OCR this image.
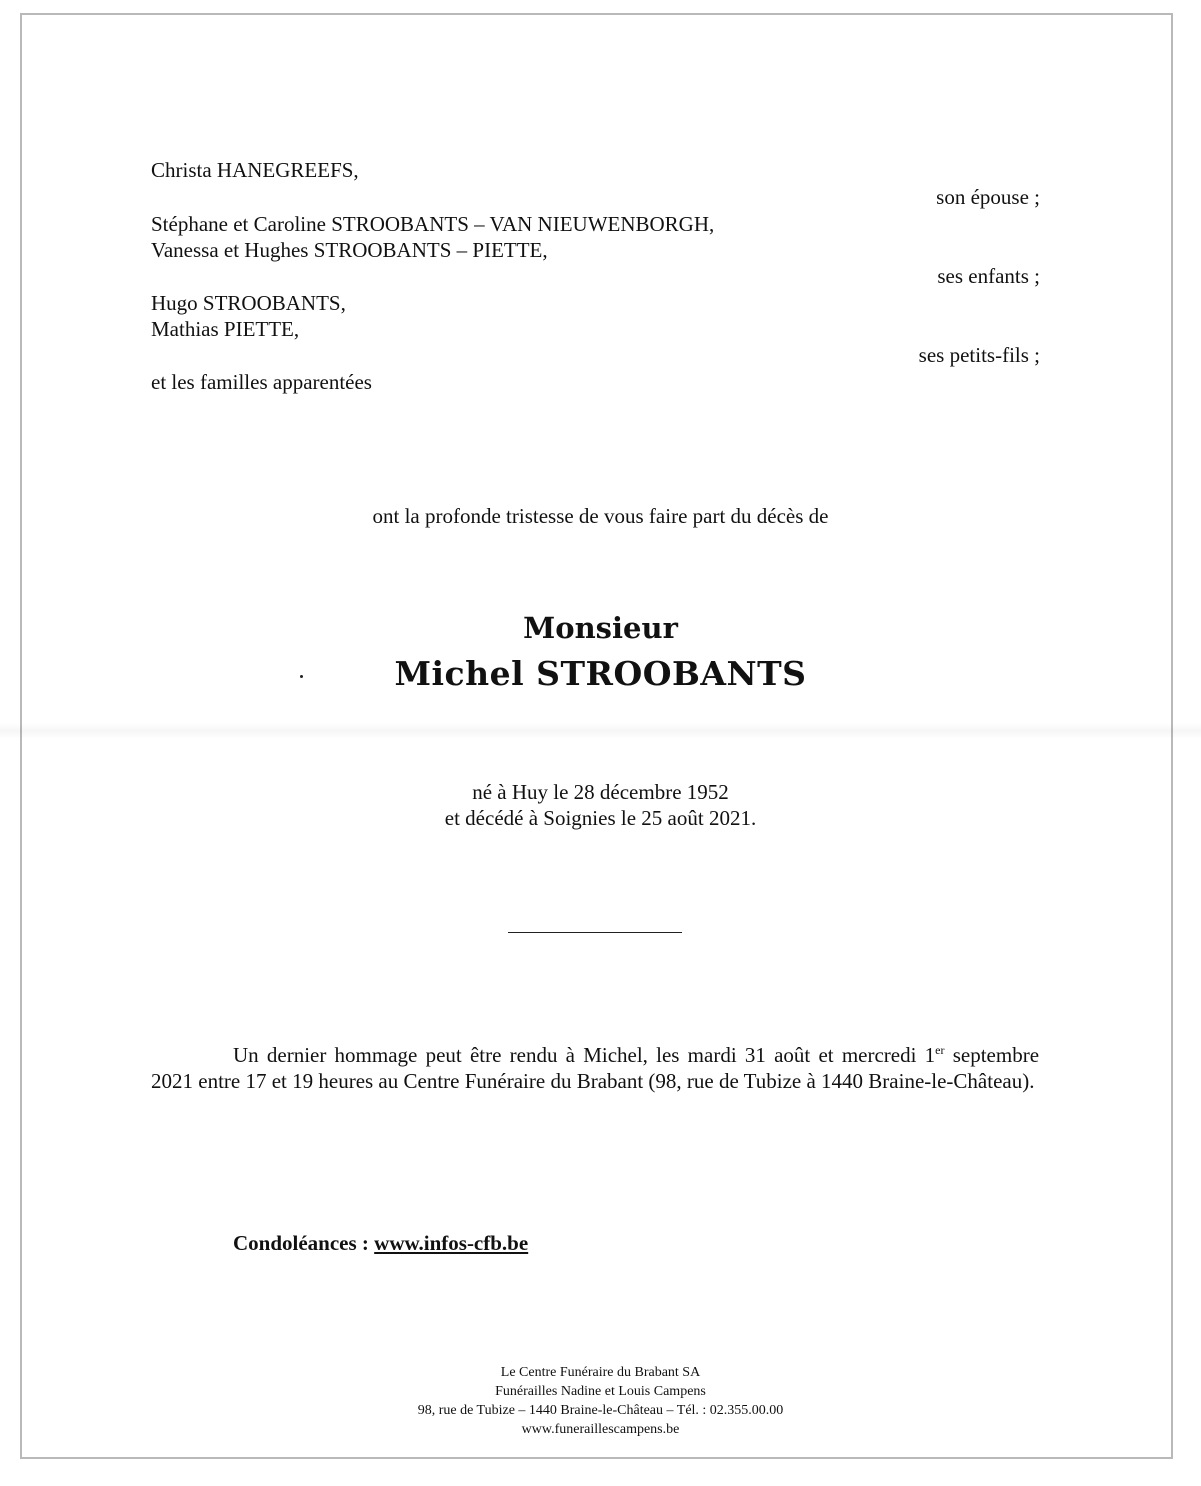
Christa HANEGREEFS,
son épouse ;
Stéphane et Caroline STROOBANTS – VAN NIEUWENBORGH,
Vanessa et Hughes STROOBANTS – PIETTE,
ses enfants ;
Hugo STROOBANTS,
Mathias PIETTE,
ses petits-fils ;
et les familles apparentées
ont la profonde tristesse de vous faire part du décès de
Monsieur
Michel STROOBANTS
né à Huy le 28 décembre 1952
et décédé à Soignies le 25 août 2021.
Un dernier hommage peut être rendu à Michel, les mardi 31 août et mercredi 1er septembre 2021 entre 17 et 19 heures au Centre Funéraire du Brabant (98, rue de Tubize à 1440 Braine-le-Château).
Condoléances : www.infos-cfb.be
Le Centre Funéraire du Brabant SA
Funérailles Nadine et Louis Campens
98, rue de Tubize – 1440 Braine-le-Château – Tél. : 02.355.00.00
www.funeraillescampens.be
